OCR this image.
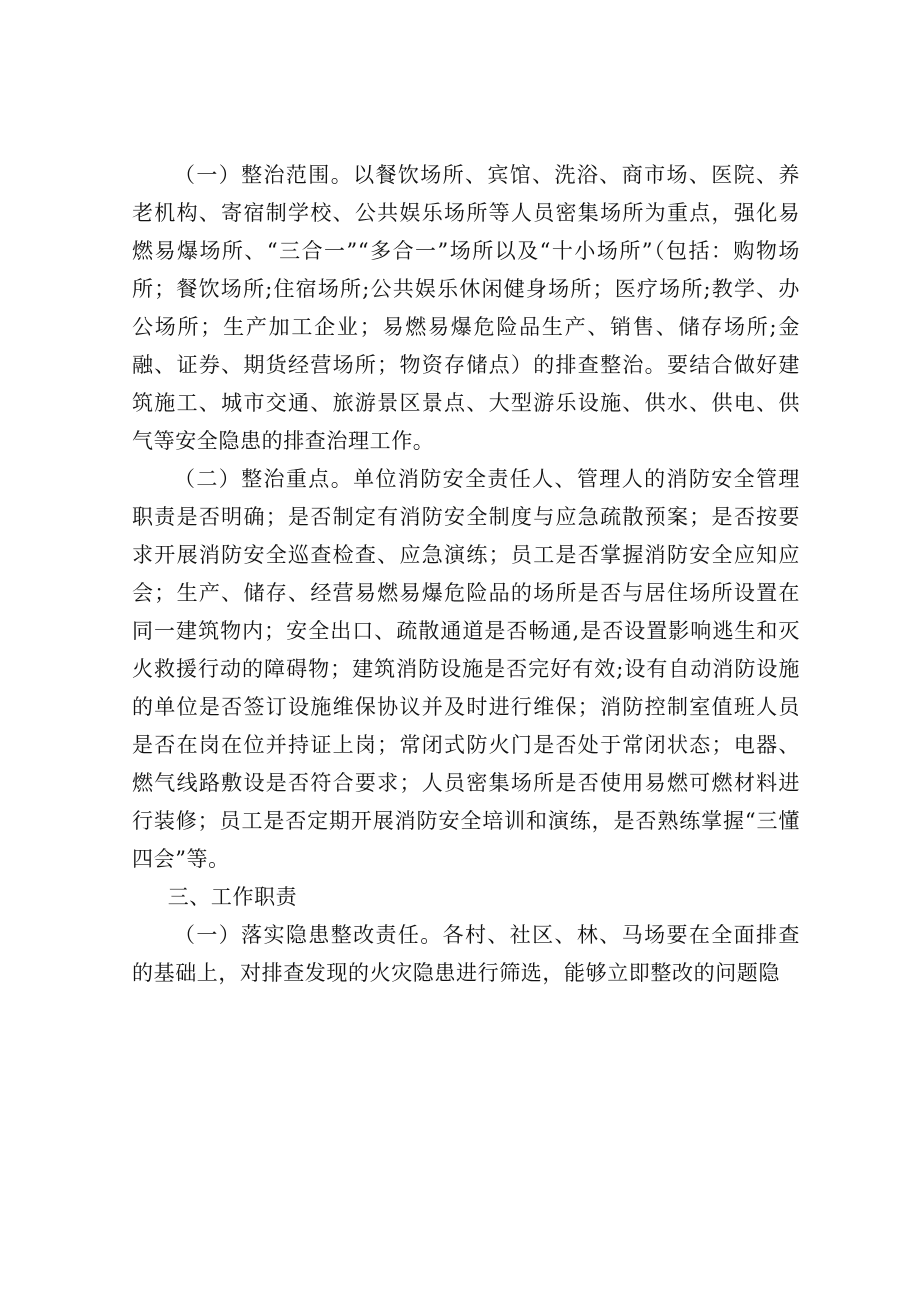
（一）整治范围。以餐饮场所、宾馆、洗浴、商市场、医院、养老机构、寄宿制学校、公共娱乐场所等人员密集场所为重点，强化易燃易爆场所、“三合一”“多合一”场所以及“十小场所”（包括：购物场所；餐饮场所;住宿场所;公共娱乐休闲健身场所；医疗场所;教学、办公场所；生产加工企业；易燃易爆危险品生产、销售、储存场所;金融、证券、期货经营场所；物资存储点）的排查整治。要结合做好建筑施工、城市交通、旅游景区景点、大型游乐设施、供水、供电、供气等安全隐患的排查治理工作。

（二）整治重点。单位消防安全责任人、管理人的消防安全管理职责是否明确；是否制定有消防安全制度与应急疏散预案；是否按要求开展消防安全巡查检查、应急演练；员工是否掌握消防安全应知应会；生产、储存、经营易燃易爆危险品的场所是否与居住场所设置在同一建筑物内；安全出口、疏散通道是否畅通,是否设置影响逃生和灭火救援行动的障碍物；建筑消防设施是否完好有效;设有自动消防设施的单位是否签订设施维保协议并及时进行维保；消防控制室值班人员是否在岗在位并持证上岗；常闭式防火门是否处于常闭状态；电器、燃气线路敷设是否符合要求；人员密集场所是否使用易燃可燃材料进行装修；员工是否定期开展消防安全培训和演练，是否熟练掌握“三懂四会”等。

三、工作职责

（一）落实隐患整改责任。各村、社区、林、马场要在全面排查的基础上，对排查发现的火灾隐患进行筛选，能够立即整改的问题隐
